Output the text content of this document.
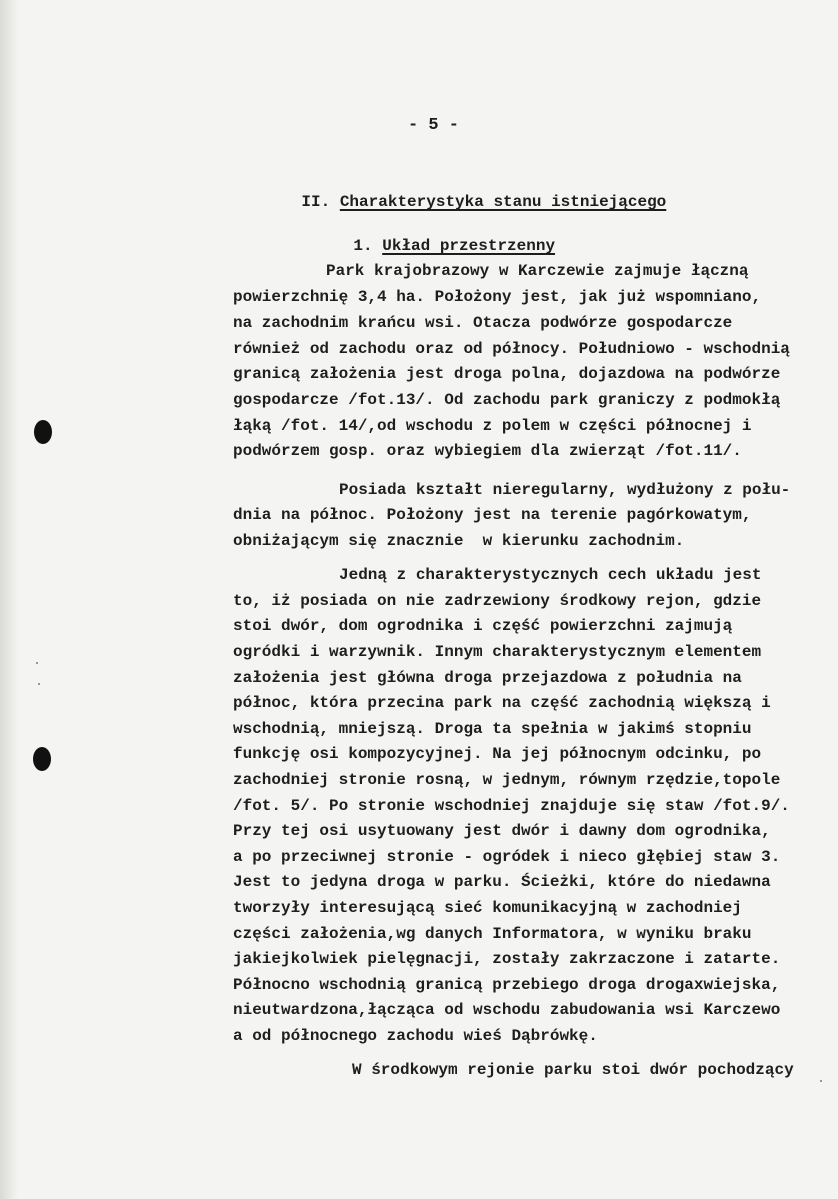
- 5 -

II. Charakterystyka stanu istniejącego

1. Układ przestrzenny

Park krajobrazowy w Karczewie zajmuje łączną
powierzchnię 3,4 ha. Położony jest, jak już wspomniano,
na zachodnim krańcu wsi. Otacza podwórze gospodarcze
również od zachodu oraz od północy. Południowo - wschodnią
granicą założenia jest droga polna, dojazdowa na podwórze
gospodarcze /fot.13/. Od zachodu park graniczy z podmokłą
łąką /fot. 14/,od wschodu z polem w części północnej i
podwórzem gosp. oraz wybiegiem dla zwierząt /fot.11/.
Posiada kształt nieregularny, wydłużony z połu-
dnia na północ. Położony jest na terenie pagórkowatym,
obniżającym się znacznie  w kierunku zachodnim.
Jedną z charakterystycznych cech układu jest
to, iż posiada on nie zadrzewiony środkowy rejon, gdzie
stoi dwór, dom ogrodnika i część powierzchni zajmują
ogródki i warzywnik. Innym charakterystycznym elementem
założenia jest główna droga przejazdowa z południa na
północ, która przecina park na część zachodnią większą i
wschodnią, mniejszą. Droga ta spełnia w jakimś stopniu
funkcję osi kompozycyjnej. Na jej północnym odcinku, po
zachodniej stronie rosną, w jednym, równym rzędzie,topole
/fot. 5/. Po stronie wschodniej znajduje się staw /fot.9/.
Przy tej osi usytuowany jest dwór i dawny dom ogrodnika,
a po przeciwnej stronie - ogródek i nieco głębiej staw 3.
Jest to jedyna droga w parku. Ścieżki, które do niedawna
tworzyły interesującą sieć komunikacyjną w zachodniej
części założenia,wg danych Informatora, w wyniku braku
jakiejkolwiek pielęgnacji, zostały zakrzaczone i zatarte.
Północno wschodnią granicą przebiego droga drogaxwiejska,
nieutwardzona,łącząca od wschodu zabudowania wsi Karczewo
a od północnego zachodu wieś Dąbrówkę.
W środkowym rejonie parku stoi dwór pochodzący
